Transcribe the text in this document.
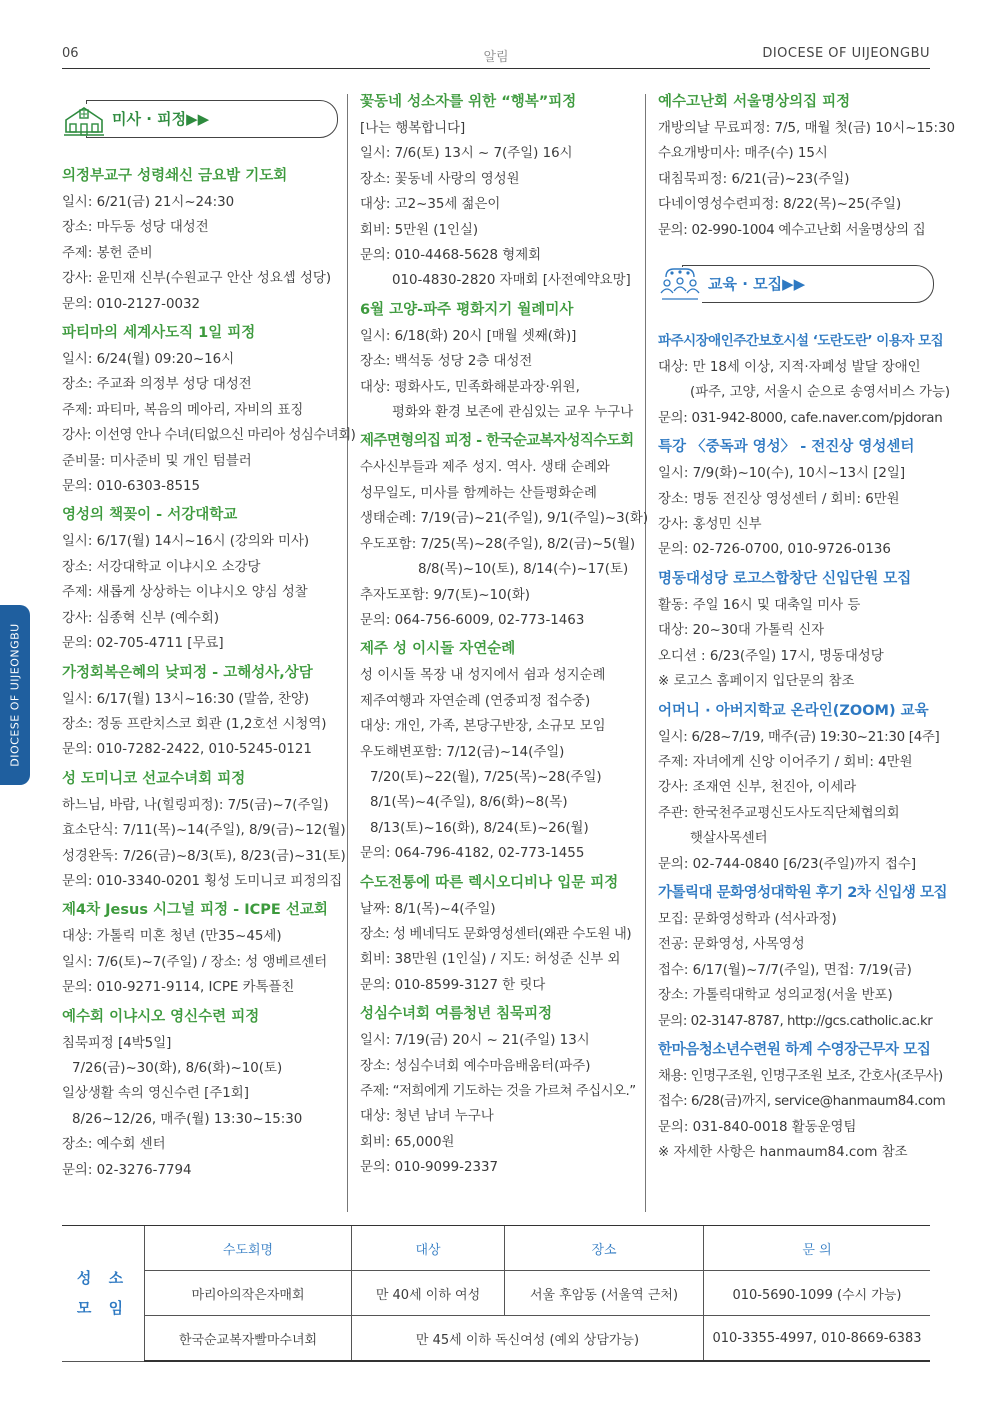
06	알림	DIOCESE OF UIJEONGBU
DIOCESE OF UIJEONGBU
미사 · 피정▶▶
의정부교구 성령쇄신 금요밤 기도회
일시: 6/21(금) 21시~24:30
장소: 마두동 성당 대성전
주제: 봉헌 준비
강사: 윤민재 신부(수원교구 안산 성요셉 성당)
문의: 010-2127-0032
파티마의 세계사도직 1일 피정
일시: 6/24(월) 09:20~16시
장소: 주교좌 의정부 성당 대성전
주제: 파티마, 복음의 메아리, 자비의 표징
강사: 이선영 안나 수녀(티없으신 마리아 성심수녀회)
준비물: 미사준비 및 개인 텀블러
문의: 010-6303-8515
영성의 책꽂이 - 서강대학교
일시: 6/17(월) 14시~16시 (강의와 미사)
장소: 서강대학교 이냐시오 소강당
주제: 새롭게 상상하는 이냐시오 양심 성찰
강사: 심종혁 신부 (예수회)
문의: 02-705-4711 [무료]
가정회복은혜의 낮피정 - 고해성사,상담
일시: 6/17(월) 13시~16:30 (말씀, 찬양)
장소: 정동 프란치스코 회관 (1,2호선 시청역)
문의: 010-7282-2422, 010-5245-0121
성 도미니코 선교수녀회 피정
하느님, 바람, 나(힐링피정): 7/5(금)~7(주일)
효소단식: 7/11(목)~14(주일), 8/9(금)~12(월)
성경완독: 7/26(금)~8/3(토), 8/23(금)~31(토)
문의: 010-3340-0201 횡성 도미니코 피정의집
제4차 Jesus 시그널 피정 - ICPE 선교회
대상: 가톨릭 미혼 청년 (만35~45세)
일시: 7/6(토)~7(주일) / 장소: 성 앵베르센터
문의: 010-9271-9114, ICPE 카톡플친
예수회 이냐시오 영신수련 피정
침묵피정 [4박5일]
7/26(금)~30(화), 8/6(화)~10(토)
일상생활 속의 영신수련 [주1회]
8/26~12/26, 매주(월) 13:30~15:30
장소: 예수회 센터
문의: 02-3276-7794
꽃동네 성소자를 위한 “행복”피정
[나는 행복합니다]
일시: 7/6(토) 13시 ~ 7(주일) 16시
장소: 꽃동네 사랑의 영성원
대상: 고2~35세 젊은이
회비: 5만원 (1인실)
문의: 010-4468-5628 형제회
010-4830-2820 자매회 [사전예약요망]
6월 고양-파주 평화지기 월례미사
일시: 6/18(화) 20시 [매월 셋째(화)]
장소: 백석동 성당 2층 대성전
대상: 평화사도, 민족화해분과장·위원,
평화와 환경 보존에 관심있는 교우 누구나
제주면형의집 피정 - 한국순교복자성직수도회
수사신부들과 제주 성지. 역사. 생태 순례와
성무일도, 미사를 함께하는 산들평화순례
생태순례: 7/19(금)~21(주일), 9/1(주일)~3(화)
우도포함: 7/25(목)~28(주일), 8/2(금)~5(월)
8/8(목)~10(토), 8/14(수)~17(토)
추자도포함: 9/7(토)~10(화)
문의: 064-756-6009, 02-773-1463
제주 성 이시돌 자연순례
성 이시돌 목장 내 성지에서 쉼과 성지순례
제주여행과 자연순례 (연중피정 접수중)
대상: 개인, 가족, 본당구반장, 소규모 모임
우도해변포함: 7/12(금)~14(주일)
7/20(토)~22(월), 7/25(목)~28(주일)
8/1(목)~4(주일), 8/6(화)~8(목)
8/13(토)~16(화), 8/24(토)~26(월)
문의: 064-796-4182, 02-773-1455
수도전통에 따른 렉시오디비나 입문 피정
날짜: 8/1(목)~4(주일)
장소: 성 베네딕도 문화영성센터(왜관 수도원 내)
회비: 38만원 (1인실) / 지도: 허성준 신부 외
문의: 010-8599-3127 한 릿다
성심수녀회 여름청년 침묵피정
일시: 7/19(금) 20시 ~ 21(주일) 13시
장소: 성심수녀회 예수마음배움터(파주)
주제: “저희에게 기도하는 것을 가르쳐 주십시오.”
대상: 청년 남녀 누구나
회비: 65,000원
문의: 010-9099-2337
예수고난회 서울명상의집 피정
개방의날 무료피정: 7/5, 매월 첫(금) 10시~15:30
수요개방미사: 매주(수) 15시
대침묵피정: 6/21(금)~23(주일)
다네이영성수련피정: 8/22(목)~25(주일)
문의: 02-990-1004 예수고난회 서울명상의 집
교육 · 모집▶▶
파주시장애인주간보호시설 ‘도란도란’ 이용자 모집
대상: 만 18세 이상, 지적·자폐성 발달 장애인
(파주, 고양, 서울시 순으로 송영서비스 가능)
문의: 031-942-8000, cafe.naver.com/pjdoran
특강 〈중독과 영성〉 - 전진상 영성센터
일시: 7/9(화)~10(수), 10시~13시 [2일]
장소: 명동 전진상 영성센터 / 회비: 6만원
강사: 홍성민 신부
문의: 02-726-0700, 010-9726-0136
명동대성당 로고스합창단 신입단원 모집
활동: 주일 16시 및 대축일 미사 등
대상: 20~30대 가톨릭 신자
오디션 : 6/23(주일) 17시, 명동대성당
※ 로고스 홈페이지 입단문의 참조
어머니 · 아버지학교 온라인(ZOOM) 교육
일시: 6/28~7/19, 매주(금) 19:30~21:30 [4주]
주제: 자녀에게 신앙 이어주기 / 회비: 4만원
강사: 조재연 신부, 천진아, 이세라
주관: 한국천주교평신도사도직단체협의회
햇살사목센터
문의: 02-744-0840 [6/23(주일)까지 접수]
가톨릭대 문화영성대학원 후기 2차 신입생 모집
모집: 문화영성학과 (석사과정)
전공: 문화영성, 사목영성
접수: 6/17(월)~7/7(주일), 면접: 7/19(금)
장소: 가톨릭대학교 성의교정(서울 반포)
문의: 02-3147-8787, http://gcs.catholic.ac.kr
한마음청소년수련원 하계 수영장근무자 모집
채용: 인명구조원, 인명구조원 보조, 간호사(조무사)
접수: 6/28(금)까지, service@hanmaum84.com
문의: 031-840-0018 활동운영팀
※ 자세한 사항은 hanmaum84.com 참조
성 소
모 임	수도회명	대상	장소	문 의
	마리아의작은자매회	만 40세 이하 여성	서울 후암동 (서울역 근처)	010-5690-1099 (수시 가능)
	한국순교복자빨마수녀회	만 45세 이하 독신여성 (예외 상담가능)		010-3355-4997, 010-8669-6383
